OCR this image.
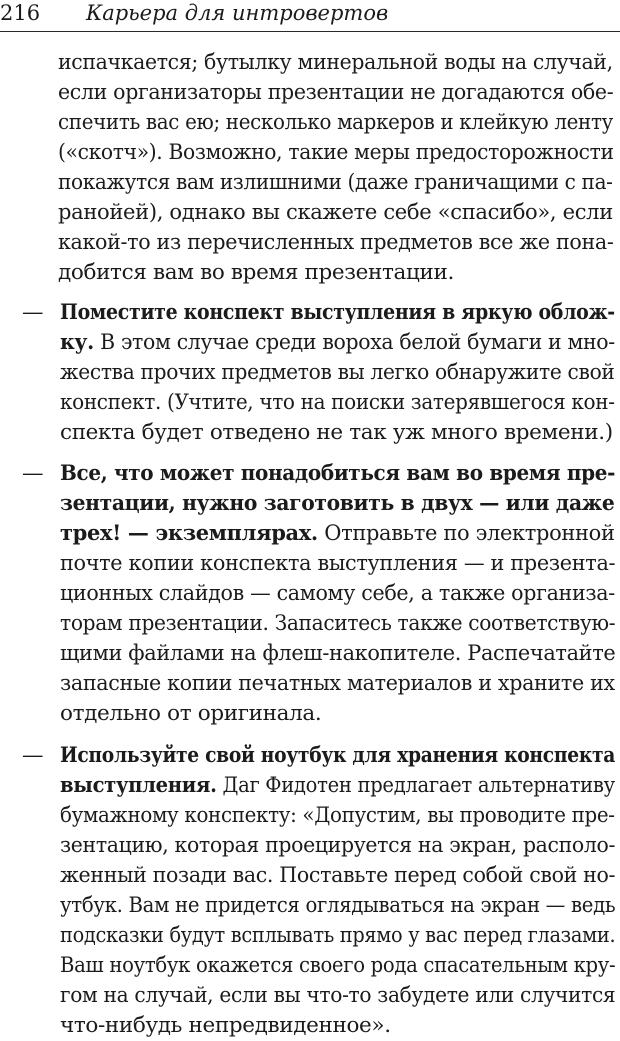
216 Карьера для интровертов
испачкается; бутылку минеральной воды на случай,
если организаторы презентации не догадаются обе-
спечить вас ею; несколько маркеров и клейкую ленту
(«скотч»). Возможно, такие меры предосторожности
покажутся вам излишними (даже граничащими с па-
ранойей), однако вы скажете себе «спасибо», если
какой-то из перечисленных предметов все же пона-
добится вам во время презентации.
— Поместите конспект выступления в яркую облож-
ку. В этом случае среди вороха белой бумаги и мно-
жества прочих предметов вы легко обнаружите свой
конспект. (Учтите, что на поиски затерявшегося кон-
спекта будет отведено не так уж много времени.)
— Все, что может понадобиться вам во время пре-
зентации, нужно заготовить в двух — или даже
трех! — экземплярах. Отправьте по электронной
почте копии конспекта выступления — и презента-
ционных слайдов — самому себе, а также организа-
торам презентации. Запаситесь также соответствую-
щими файлами на флеш-накопителе. Распечатайте
запасные копии печатных материалов и храните их
отдельно от оригинала.
— Используйте свой ноутбук для хранения конспекта
выступления. Даг Фидотен предлагает альтернативу
бумажному конспекту: «Допустим, вы проводите пре-
зентацию, которая проецируется на экран, располо-
женный позади вас. Поставьте перед собой свой но-
утбук. Вам не придется оглядываться на экран — ведь
подсказки будут всплывать прямо у вас перед глазами.
Ваш ноутбук окажется своего рода спасательным кру-
гом на случай, если вы что-то забудете или случится
что-нибудь непредвиденное».
